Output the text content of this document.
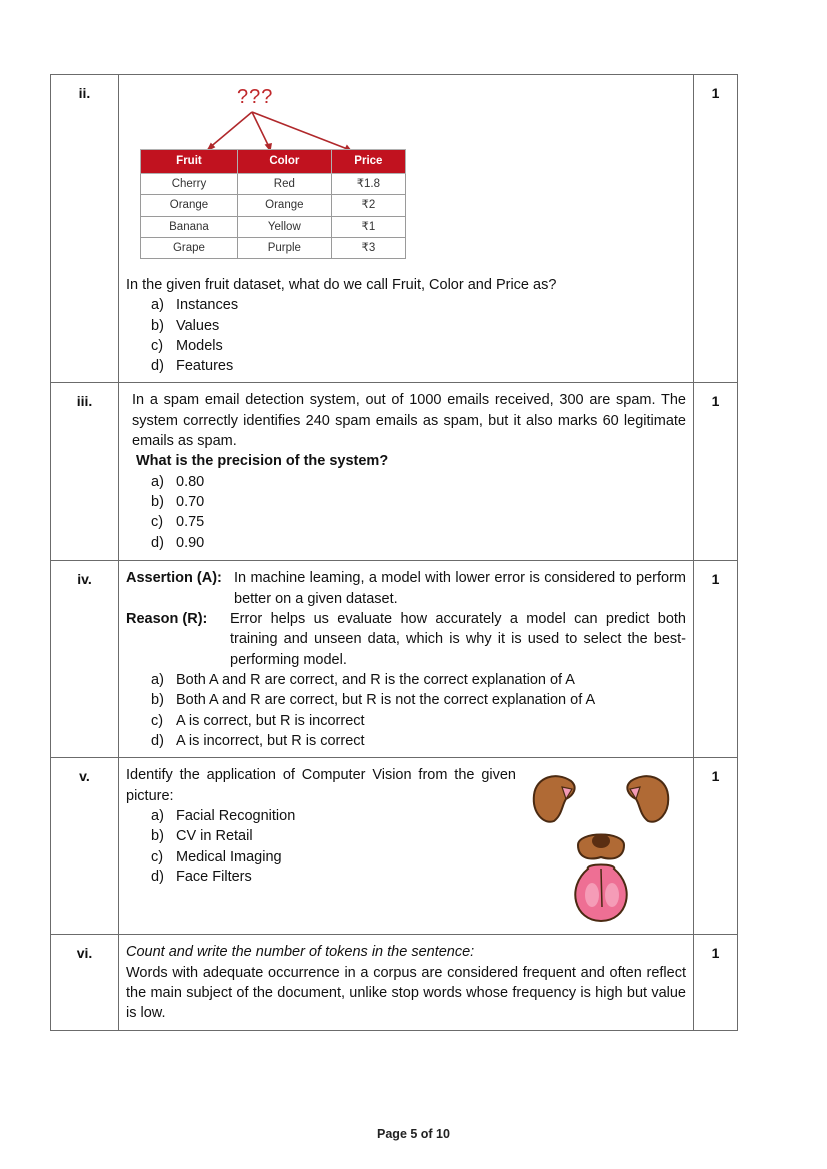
ii.	???
Fruit	Color	Price
Cherry	Red	₹1.8
Orange	Orange	₹2
Banana	Yellow	₹1
Grape	Purple	₹3
In the given fruit dataset, what do we call Fruit, Color and Price as?
a) Instances
b) Values
c) Models
d) Features
	1
iii.	In a spam email detection system, out of 1000 emails received, 300 are spam. The system correctly identifies 240 spam emails as spam, but it also marks 60 legitimate emails as spam.
What is the precision of the system?
a) 0.80
b) 0.70
c) 0.75
d) 0.90
	1
iv.	Assertion (A): In machine leaming, a model with lower error is considered to perform better on a given dataset.
Reason (R):	Error helps us evaluate how accurately a model can predict both training and unseen data, which is why it is used to select the best-performing model.
a) Both A and R are correct, and R is the correct explanation of A
b) Both A and R are correct, but R is not the correct explanation of A
c) A is correct, but R is incorrect
d) A is incorrect, but R is correct
	1
v.	Identify the application of Computer Vision from the given picture:
a) Facial Recognition
b) CV in Retail
c) Medical Imaging
d) Face Filters
	1
vi.	Count and write the number of tokens in the sentence:
Words with adequate occurrence in a corpus are considered frequent and often reflect the main subject of the document, unlike stop words whose frequency is high but value is low.
	1
Page 5 of 10
